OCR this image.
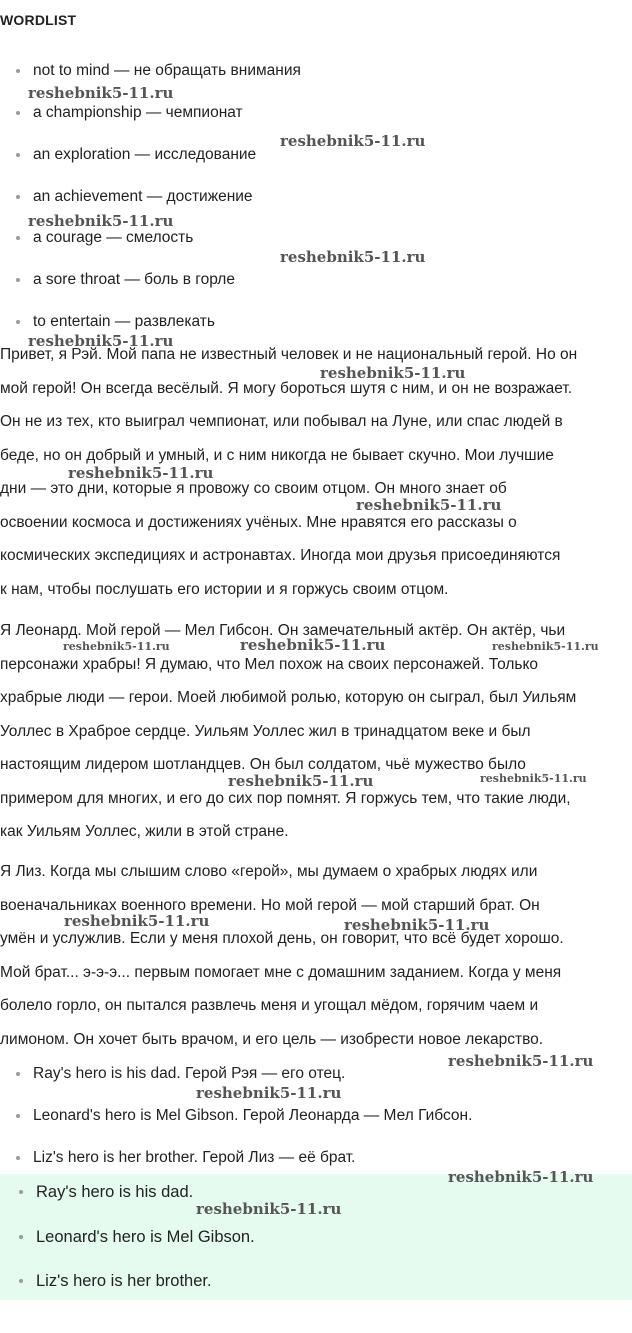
WORDLIST
not to mind — не обращать внимания
a championship — чемпионат
an exploration — исследование
an achievement — достижение
a courage — смелость
a sore throat — боль в горле
to entertain — развлекать
Привет, я Рэй. Мой папа не известный человек и не национальный герой. Но он
мой герой! Он всегда весёлый. Я могу бороться шутя с ним, и он не возражает.
Он не из тех, кто выиграл чемпионат, или побывал на Луне, или спас людей в
беде, но он добрый и умный, и с ним никогда не бывает скучно. Мои лучшие
дни — это дни, которые я провожу со своим отцом. Он много знает об
освоении космоса и достижениях учёных. Мне нравятся его рассказы о
космических экспедициях и астронавтах. Иногда мои друзья присоединяются
к нам, чтобы послушать его истории и я горжусь своим отцом.
Я Леонард. Мой герой — Мел Гибсон. Он замечательный актёр. Он актёр, чьи
персонажи храбры! Я думаю, что Мел похож на своих персонажей. Только
храбрые люди — герои. Моей любимой ролью, которую он сыграл, был Уильям
Уоллес в Храброе сердце. Уильям Уоллес жил в тринадцатом веке и был
настоящим лидером шотландцев. Он был солдатом, чьё мужество было
примером для многих, и его до сих пор помнят. Я горжусь тем, что такие люди,
как Уильям Уоллес, жили в этой стране.
Я Лиз. Когда мы слышим слово «герой», мы думаем о храбрых людях или
военачальниках военного времени. Но мой герой — мой старший брат. Он
умён и услужлив. Если у меня плохой день, он говорит, что всё будет хорошо.
Мой брат... э-э-э... первым помогает мне с домашним заданием. Когда у меня
болело горло, он пытался развлечь меня и угощал мёдом, горячим чаем и
лимоном. Он хочет быть врачом, и его цель — изобрести новое лекарство.
Ray's hero is his dad. Герой Рэя — его отец.
Leonard's hero is Mel Gibson. Герой Леонарда — Мел Гибсон.
Liz's hero is her brother. Герой Лиз — её брат.
Ray's hero is his dad.
Leonard's hero is Mel Gibson.
Liz's hero is her brother.
reshebnik5-11.ru
reshebnik5-11.ru
reshebnik5-11.ru
reshebnik5-11.ru
reshebnik5-11.ru
reshebnik5-11.ru
reshebnik5-11.ru
reshebnik5-11.ru
reshebnik5-11.ru	reshebnik5-11.ru	reshebnik5-11.ru
reshebnik5-11.ru	reshebnik5-11.ru
reshebnik5-11.ru	reshebnik5-11.ru
reshebnik5-11.ru
reshebnik5-11.ru
reshebnik5-11.ru
reshebnik5-11.ru
